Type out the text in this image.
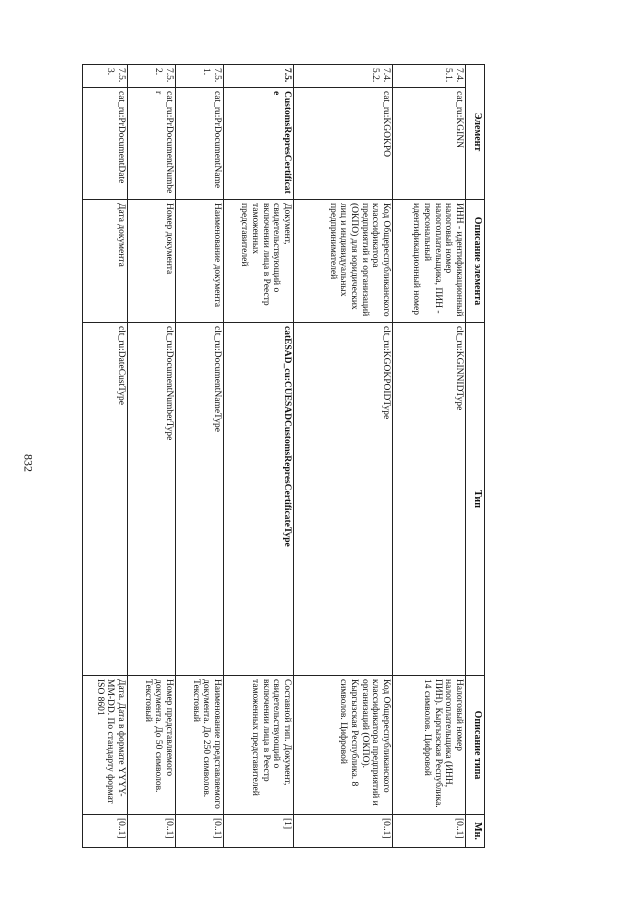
832
Элемент		Описание элемента	Тип	Описание типа	Мн.
7.4.5.1.	cat_ru:KGINN	ИНН - идентификационный налоговый номер налогоплательщика, ПИН - персональный идентификационный номер	clt_ru:KGINNIDType	Налоговый номер налогоплательщика (ИНН, ПИН). Кыргызская Республика. 14 символов. Цифровой	[0..1]
7.4.5.2.	cat_ru:KGOKPO	Код Общереспубликанского классификатора предприятий и организаций (ОКПО) для юридических лиц и индивидуальных предпринимателей	clt_ru:KGOKPOIDType	Код Общереспубликанского классификатора предприятий и организаций (ОКПО). Кыргызская Республика. 8 символов. Цифровой	[0..1]
7.5.	CustomsRepresCertificate	Документ, свидетельствующий о включении лица в Реестр таможенных представителей	catESAD_cu:CUESADCustomsRepresCertificateType	Составной тип. Документ, свидетельствующий о включении лица в Реестр таможенных представителей	[1]
7.5.1.	cat_ru:PrDocumentName	Наименование документа	clt_ru:DocumentNameType	Наименование представляемого документа. До 250 символов. Текстовый	[0..1]
7.5.2.	cat_ru:PrDocumentNumber	Номер документа	clt_ru:DocumentNumberType	Номер представляемого документа. До 50 символов. Текстовый	[0..1]
7.5.3.	cat_ru:PrDocumentDate	Дата документа	clt_ru:DateCustType	Дата. Дата в формате YYYY-MM-DD. По стандарту формат ISO 8601	[0..1]
